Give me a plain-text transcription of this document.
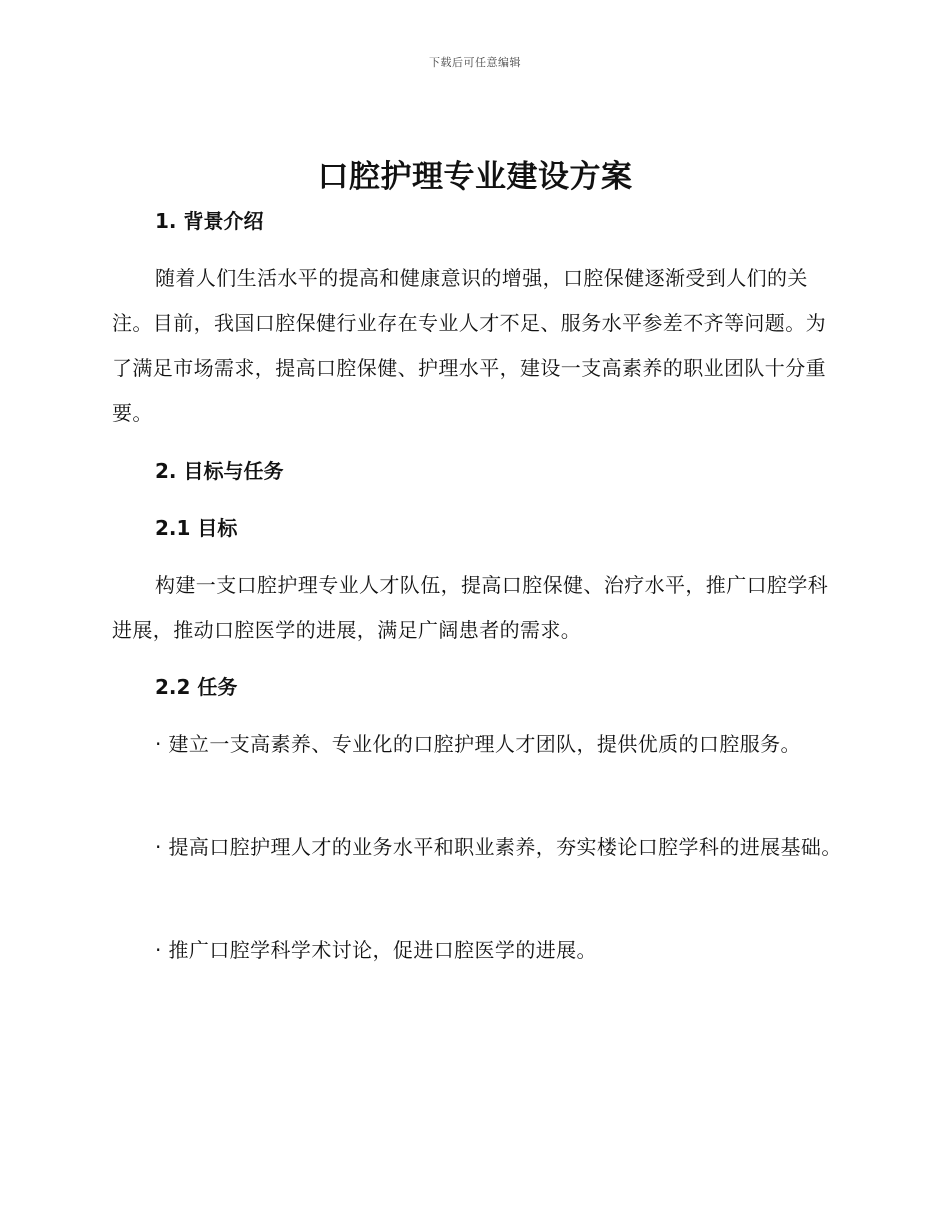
下载后可任意编辑
口腔护理专业建设方案
1. 背景介绍
随着人们生活水平的提高和健康意识的增强，口腔保健逐渐受到人们的关注。目前，我国口腔保健行业存在专业人才不足、服务水平参差不齐等问题。为了满足市场需求，提高口腔保健、护理水平，建设一支高素养的职业团队十分重要。
2. 目标与任务
2.1 目标
构建一支口腔护理专业人才队伍，提高口腔保健、治疗水平，推广口腔学科进展，推动口腔医学的进展，满足广阔患者的需求。
2.2 任务
· 建立一支高素养、专业化的口腔护理人才团队，提供优质的口腔服务。
· 提高口腔护理人才的业务水平和职业素养，夯实楼论口腔学科的进展基础。
· 推广口腔学科学术讨论，促进口腔医学的进展。
